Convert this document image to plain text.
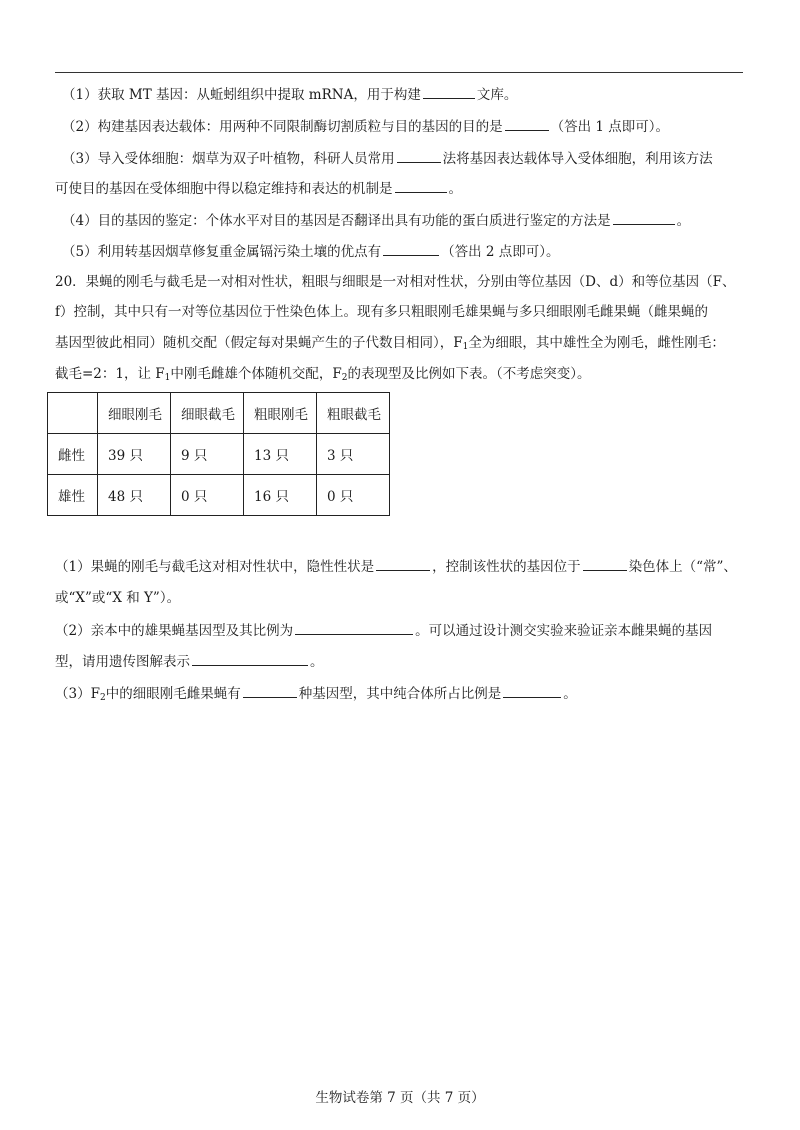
（1）获取 MT 基因：从蚯蚓组织中提取 mRNA，用于构建	文库。
（2）构建基因表达载体：用两种不同限制酶切割质粒与目的基因的目的是	（答出 1 点即可）。
（3）导入受体细胞：烟草为双子叶植物，科研人员常用	法将基因表达载体导入受体细胞，利用该方法
可使目的基因在受体细胞中得以稳定维持和表达的机制是	。
（4）目的基因的鉴定：个体水平对目的基因是否翻译出具有功能的蛋白质进行鉴定的方法是	。
（5）利用转基因烟草修复重金属镉污染土壤的优点有	（答出 2 点即可）。
20．果蝇的刚毛与截毛是一对相对性状，粗眼与细眼是一对相对性状，分别由等位基因（D、d）和等位基因（F、
f）控制，其中只有一对等位基因位于性染色体上。现有多只粗眼刚毛雄果蝇与多只细眼刚毛雌果蝇（雌果蝇的
基因型彼此相同）随机交配（假定每对果蝇产生的子代数目相同），$F_1$全为细眼，其中雄性全为刚毛，雌性刚毛：
截毛=2：1，让 $F_1$中刚毛雌雄个体随机交配，$F_2$的表现型及比例如下表。（不考虑突变）。
	细眼刚毛	细眼截毛	粗眼刚毛	粗眼截毛
雌性	39 只	9 只	13 只	3 只
雄性	48 只	0 只	16 只	0 只
（1）果蝇的刚毛与截毛这对相对性状中，隐性性状是	，控制该性状的基因位于	染色体上（“常”、
或“X”或“X 和 Y”）。
（2）亲本中的雄果蝇基因型及其比例为	。可以通过设计测交实验来验证亲本雌果蝇的基因
型，请用遗传图解表示	。
$(3)F_2$中的细眼刚毛雌果蝇有	种基因型，其中纯合体所占比例是	。
生物试卷第 7 页（共 7 页）
